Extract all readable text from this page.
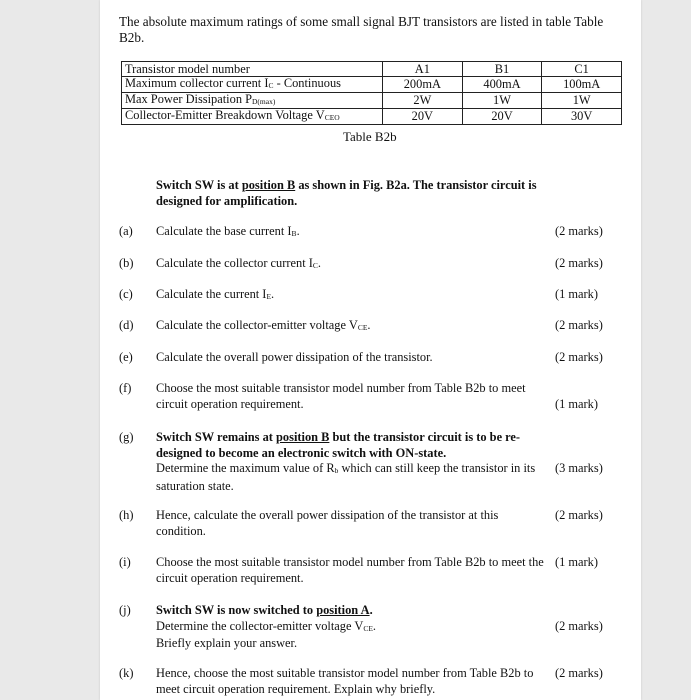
The absolute maximum ratings of some small signal BJT transistors are listed in table Table B2b.
Transistor model number	A1	B1	C1
Maximum collector current IC - Continuous	200mA	400mA	100mA
Max Power Dissipation PD(max)	2W	1W	1W
Collector-Emitter Breakdown Voltage VCEO	20V	20V	30V
Table B2b
Switch SW is at position B as shown in Fig. B2a. The transistor circuit is designed for amplification.
(a) Calculate the base current IB.	(2 marks)
(b) Calculate the collector current IC.	(2 marks)
(c) Calculate the current IE.	(1 mark)
(d) Calculate the collector-emitter voltage VCE.	(2 marks)
(e) Calculate the overall power dissipation of the transistor.	(2 marks)
(f) Choose the most suitable transistor model number from Table B2b to meet circuit operation requirement.	(1 mark)
(g) Switch SW remains at position B but the transistor circuit is to be re-designed to become an electronic switch with ON-state.
Determine the maximum value of Rb which can still keep the transistor in its saturation state.
(3 marks)
(h) Hence, calculate the overall power dissipation of the transistor at this condition.
(2 marks)
(i) Choose the most suitable transistor model number from Table B2b to meet the circuit operation requirement.
(1 mark)
(j) Switch SW is now switched to position A.
Determine the collector-emitter voltage VCE.
Briefly explain your answer.
(2 marks)
(k) Hence, choose the most suitable transistor model number from Table B2b to meet circuit operation requirement. Explain why briefly.
(2 marks)
